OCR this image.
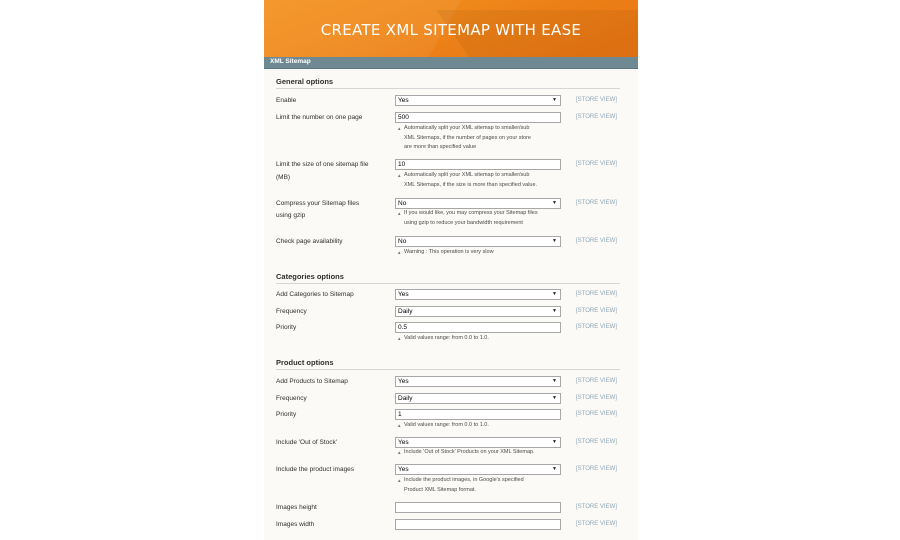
CREATE XML SITEMAP WITH EASE
XML Sitemap
General options
Enable	Yes	▼	[STORE VIEW]
Limit the number on one page	500	[STORE VIEW]
▲ Automatically split your XML sitemap to smaller/sub
XML Sitemaps, if the number of pages on your store
are more than specified value
Limit the size of one sitemap file
(MB)
10	[STORE VIEW]
▲ Automatically split your XML sitemap to smaller/sub
XML Sitemaps, if the size is more than specified value.
Compress your Sitemap files
using gzip
No	▼	[STORE VIEW]
▲ If you would like, you may compress your Sitemap files
using gzip to reduce your bandwidth requirement
Check page availability	No	▼	[STORE VIEW]
▲ Warning : This operation is very slow
Categories options
Add Categories to Sitemap	Yes	▼	[STORE VIEW]
Frequency	Daily	▼	[STORE VIEW]
Priority	0.5	[STORE VIEW]
▲ Valid values range: from 0.0 to 1.0.
Product options
Add Products to Sitemap	Yes	▼	[STORE VIEW]
Frequency	Daily	▼	[STORE VIEW]
Priority	1	[STORE VIEW]
▲ Valid values range: from 0.0 to 1.0.
Include 'Out of Stock'	Yes	▼	[STORE VIEW]
▲ Include 'Out of Stock' Products on your XML Sitemap.
Include the product images	Yes	▼	[STORE VIEW]
▲ Include the product images, in Google's specified
Product XML Sitemap format.
Images height	[STORE VIEW]
Images width	[STORE VIEW]
